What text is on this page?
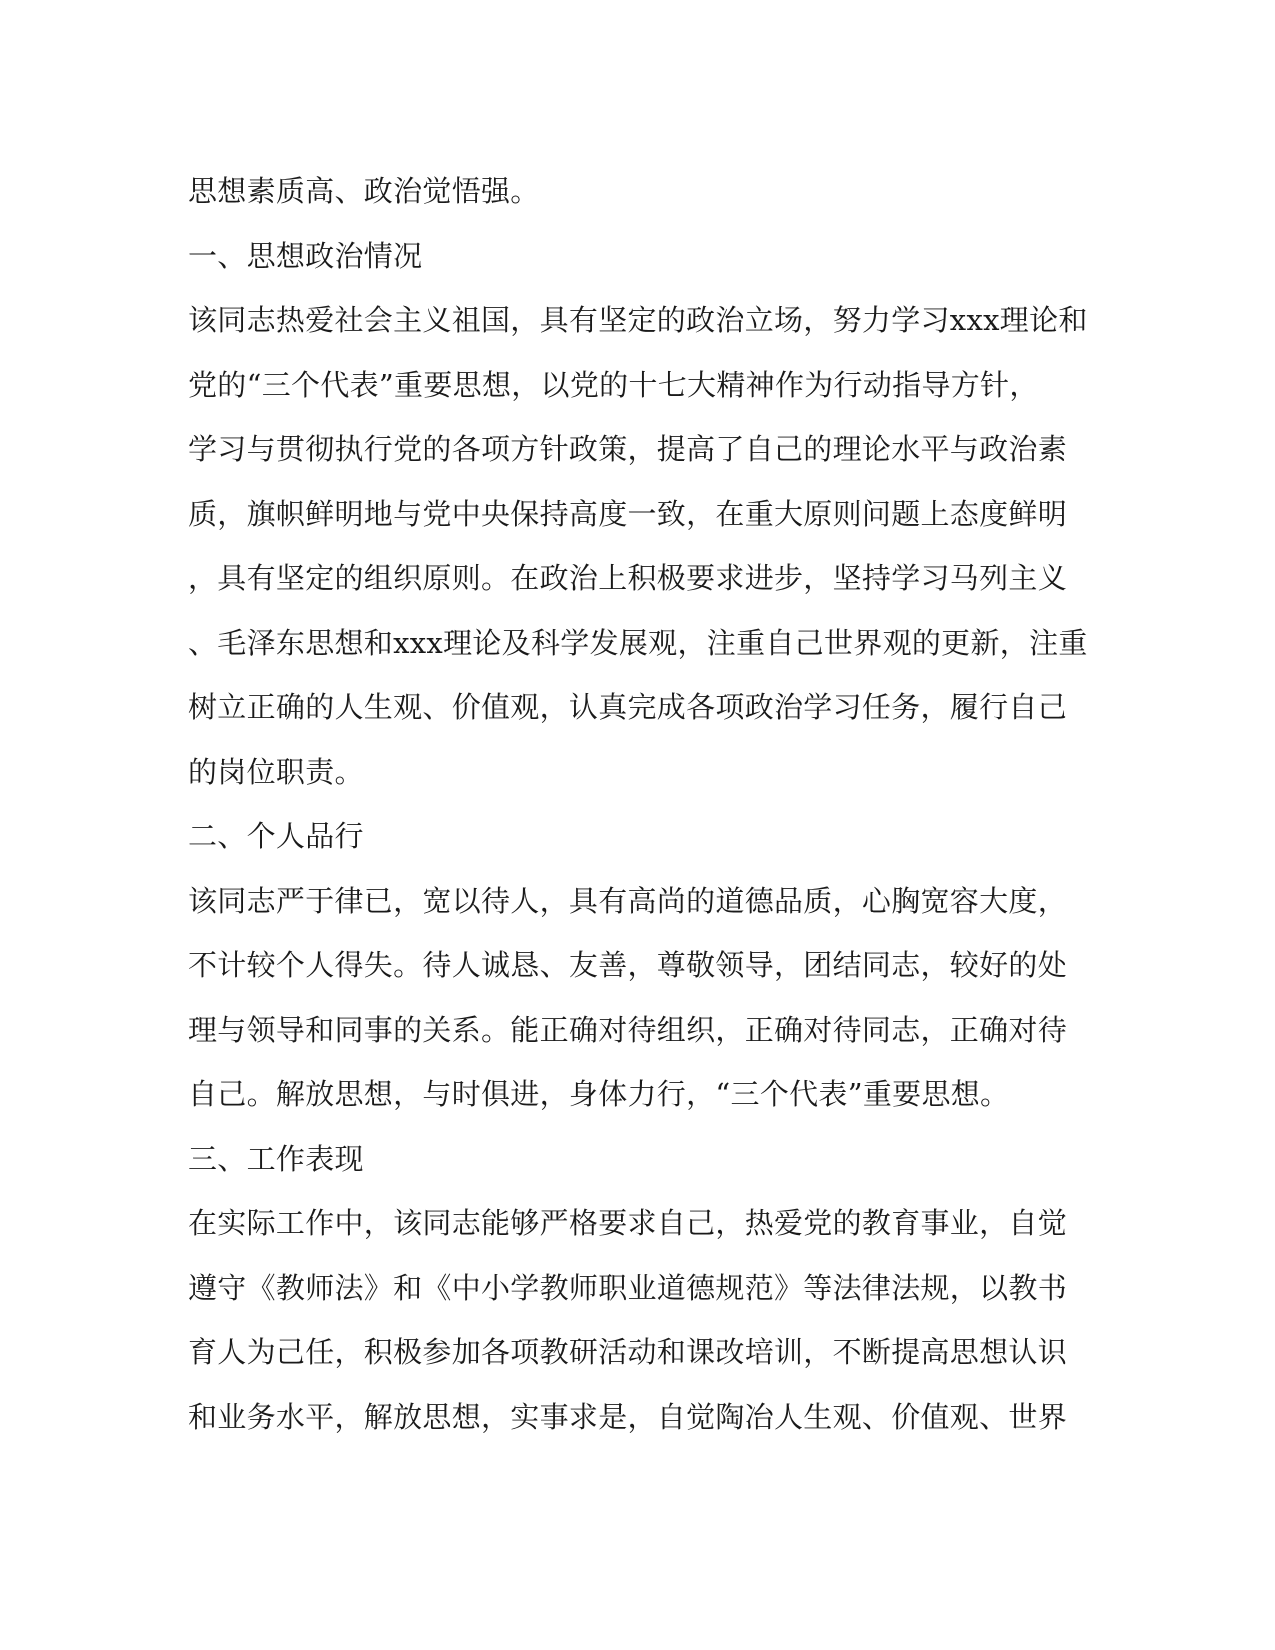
思想素质高、政治觉悟强。
一、思想政治情况
该同志热爱社会主义祖国，具有坚定的政治立场，努力学习xxx理论和
党的“三个代表”重要思想，以党的十七大精神作为行动指导方针，
学习与贯彻执行党的各项方针政策，提高了自己的理论水平与政治素
质，旗帜鲜明地与党中央保持高度一致，在重大原则问题上态度鲜明
，具有坚定的组织原则。在政治上积极要求进步，坚持学习马列主义
、毛泽东思想和xxx理论及科学发展观，注重自己世界观的更新，注重
树立正确的人生观、价值观，认真完成各项政治学习任务，履行自己
的岗位职责。
二、个人品行
该同志严于律已，宽以待人，具有高尚的道德品质，心胸宽容大度，
不计较个人得失。待人诚恳、友善，尊敬领导，团结同志，较好的处
理与领导和同事的关系。能正确对待组织，正确对待同志，正确对待
自己。解放思想，与时俱进，身体力行，“三个代表”重要思想。
三、工作表现
在实际工作中，该同志能够严格要求自己，热爱党的教育事业，自觉
遵守《教师法》和《中小学教师职业道德规范》等法律法规，以教书
育人为己任，积极参加各项教研活动和课改培训，不断提高思想认识
和业务水平，解放思想，实事求是，自觉陶冶人生观、价值观、世界
